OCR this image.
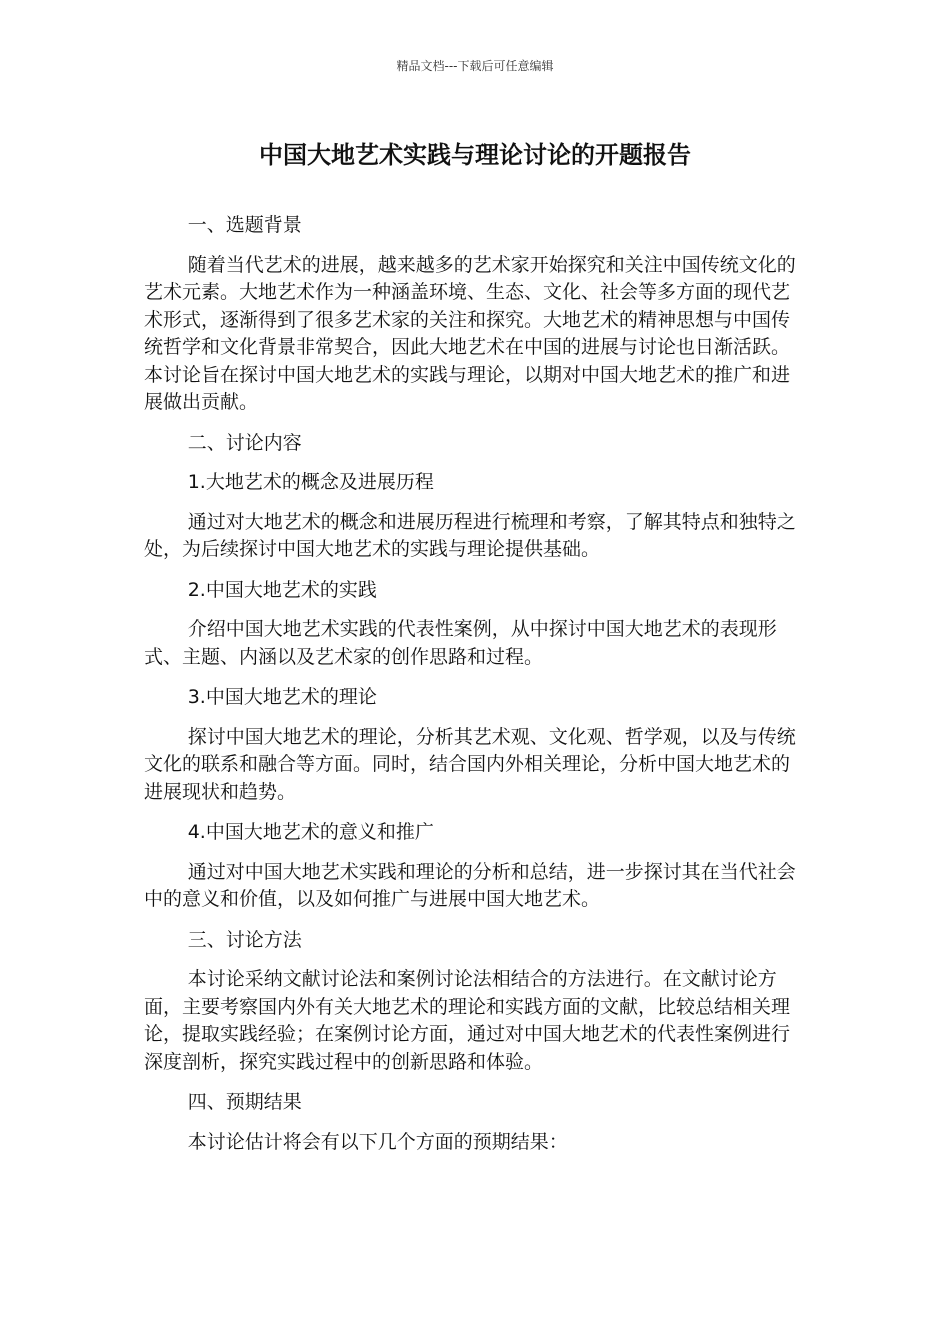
精品文档---下载后可任意编辑
中国大地艺术实践与理论讨论的开题报告

一、选题背景

随着当代艺术的进展，越来越多的艺术家开始探究和关注中国传统文化的艺术元素。大地艺术作为一种涵盖环境、生态、文化、社会等多方面的现代艺术形式，逐渐得到了很多艺术家的关注和探究。大地艺术的精神思想与中国传统哲学和文化背景非常契合，因此大地艺术在中国的进展与讨论也日渐活跃。本讨论旨在探讨中国大地艺术的实践与理论，以期对中国大地艺术的推广和进展做出贡献。

二、讨论内容

1.大地艺术的概念及进展历程

通过对大地艺术的概念和进展历程进行梳理和考察，了解其特点和独特之处，为后续探讨中国大地艺术的实践与理论提供基础。

2.中国大地艺术的实践

介绍中国大地艺术实践的代表性案例，从中探讨中国大地艺术的表现形式、主题、内涵以及艺术家的创作思路和过程。

3.中国大地艺术的理论

探讨中国大地艺术的理论，分析其艺术观、文化观、哲学观，以及与传统文化的联系和融合等方面。同时，结合国内外相关理论，分析中国大地艺术的进展现状和趋势。

4.中国大地艺术的意义和推广

通过对中国大地艺术实践和理论的分析和总结，进一步探讨其在当代社会中的意义和价值，以及如何推广与进展中国大地艺术。

三、讨论方法

本讨论采纳文献讨论法和案例讨论法相结合的方法进行。在文献讨论方面，主要考察国内外有关大地艺术的理论和实践方面的文献，比较总结相关理论，提取实践经验；在案例讨论方面，通过对中国大地艺术的代表性案例进行深度剖析，探究实践过程中的创新思路和体验。

四、预期结果

本讨论估计将会有以下几个方面的预期结果：
